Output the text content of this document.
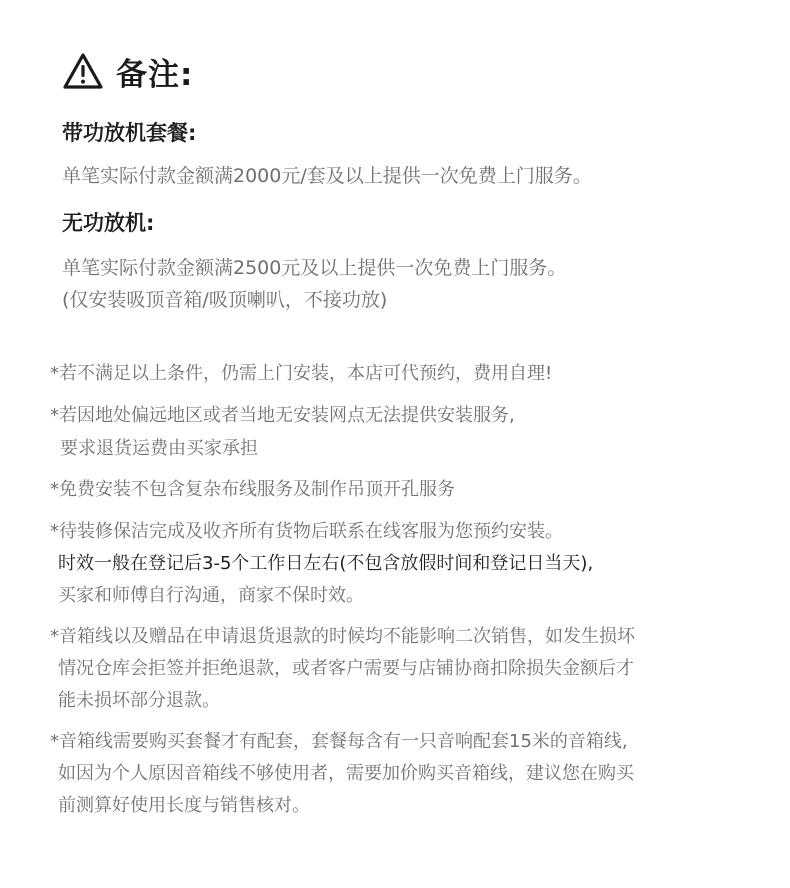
备注:
带功放机套餐:
单笔实际付款金额满2000元/套及以上提供一次免费上门服务。
无功放机:
单笔实际付款金额满2500元及以上提供一次免费上门服务。
(仅安装吸顶音箱/吸顶喇叭，不接功放)
*若不满足以上条件，仍需上门安装，本店可代预约，费用自理!
*若因地处偏远地区或者当地无安装网点无法提供安装服务,
要求退货运费由买家承担
*免费安装不包含复杂布线服务及制作吊顶开孔服务
*待装修保洁完成及收齐所有货物后联系在线客服为您预约安装。
时效一般在登记后3-5个工作日左右(不包含放假时间和登记日当天),
买家和师傅自行沟通，商家不保时效。
*音箱线以及赠品在申请退货退款的时候均不能影响二次销售，如发生损坏
情况仓库会拒签并拒绝退款，或者客户需要与店铺协商扣除损失金额后才
能未损坏部分退款。
*音箱线需要购买套餐才有配套，套餐每含有一只音响配套15米的音箱线,
如因为个人原因音箱线不够使用者，需要加价购买音箱线，建议您在购买
前测算好使用长度与销售核对。
